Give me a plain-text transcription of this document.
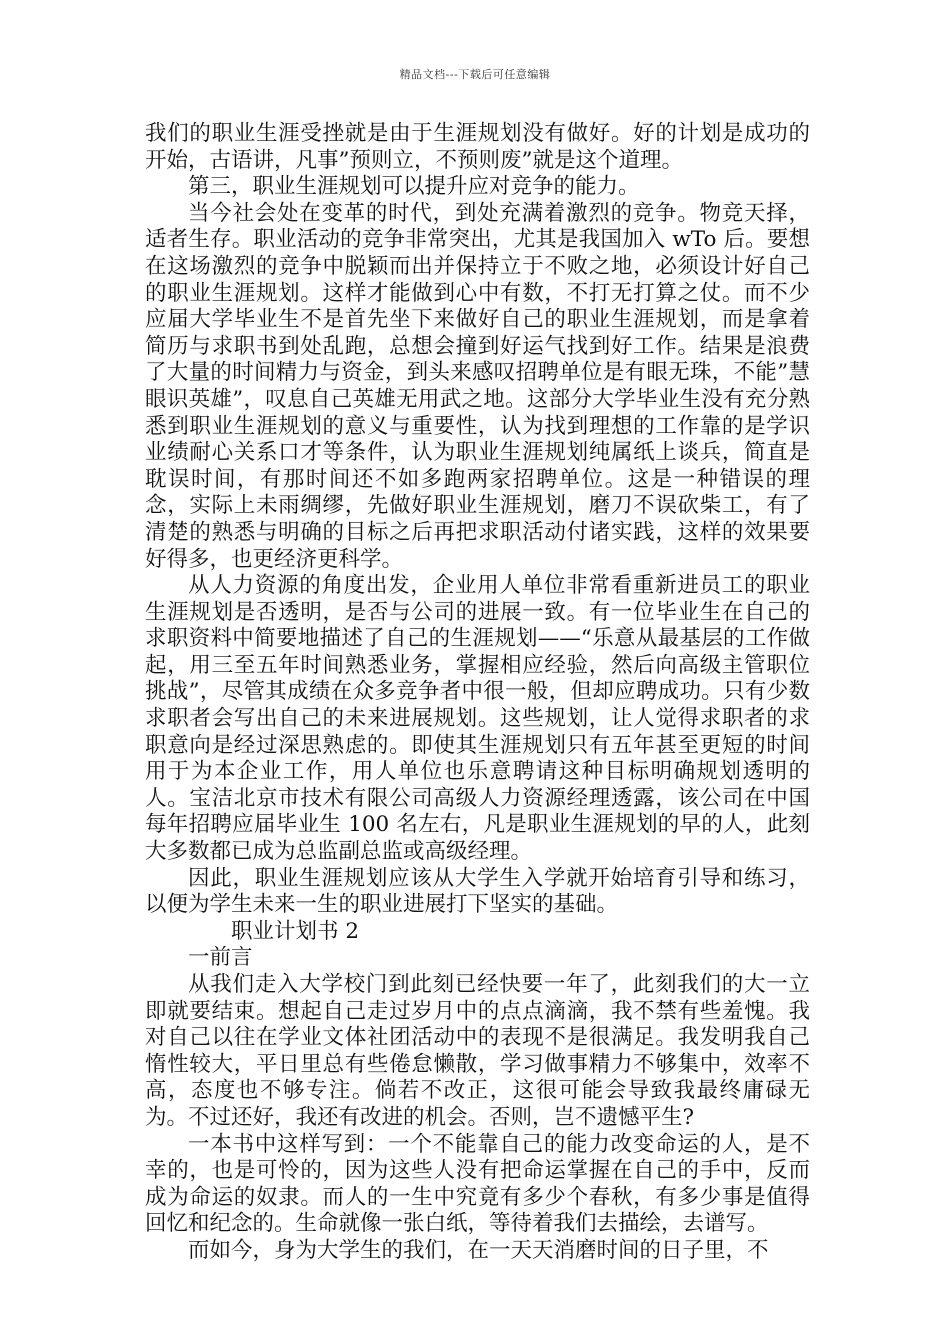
精品文档---下载后可任意编辑

我们的职业生涯受挫就是由于生涯规划没有做好。好的计划是成功的开始，古语讲，凡事”预则立，不预则废”就是这个道理。

第三，职业生涯规划可以提升应对竞争的能力。

当今社会处在变革的时代，到处充满着激烈的竞争。物竞天择，适者生存。职业活动的竞争非常突出，尤其是我国加入 wTo 后。要想在这场激烈的竞争中脱颖而出并保持立于不败之地，必须设计好自己的职业生涯规划。这样才能做到心中有数，不打无打算之仗。而不少应届大学毕业生不是首先坐下来做好自己的职业生涯规划，而是拿着简历与求职书到处乱跑，总想会撞到好运气找到好工作。结果是浪费了大量的时间精力与资金，到头来感叹招聘单位是有眼无珠，不能”慧眼识英雄”，叹息自己英雄无用武之地。这部分大学毕业生没有充分熟悉到职业生涯规划的意义与重要性，认为找到理想的工作靠的是学识业绩耐心关系口才等条件，认为职业生涯规划纯属纸上谈兵，简直是耽误时间，有那时间还不如多跑两家招聘单位。这是一种错误的理念，实际上未雨绸缪，先做好职业生涯规划，磨刀不误砍柴工，有了清楚的熟悉与明确的目标之后再把求职活动付诸实践，这样的效果要好得多，也更经济更科学。

从人力资源的角度出发，企业用人单位非常看重新进员工的职业生涯规划是否透明，是否与公司的进展一致。有一位毕业生在自己的求职资料中简要地描述了自己的生涯规划——“乐意从最基层的工作做起，用三至五年时间熟悉业务，掌握相应经验，然后向高级主管职位挑战”，尽管其成绩在众多竞争者中很一般，但却应聘成功。只有少数求职者会写出自己的未来进展规划。这些规划，让人觉得求职者的求职意向是经过深思熟虑的。即使其生涯规划只有五年甚至更短的时间用于为本企业工作，用人单位也乐意聘请这种目标明确规划透明的人。宝洁北京市技术有限公司高级人力资源经理透露，该公司在中国每年招聘应届毕业生 100 名左右，凡是职业生涯规划的早的人，此刻大多数都已成为总监副总监或高级经理。

因此，职业生涯规划应该从大学生入学就开始培育引导和练习，以便为学生未来一生的职业进展打下坚实的基础。

职业计划书 2

一前言

从我们走入大学校门到此刻已经快要一年了，此刻我们的大一立即就要结束。想起自己走过岁月中的点点滴滴，我不禁有些羞愧。我对自己以往在学业文体社团活动中的表现不是很满足。我发明我自己惰性较大，平日里总有些倦怠懒散，学习做事精力不够集中，效率不高，态度也不够专注。倘若不改正，这很可能会导致我最终庸碌无为。不过还好，我还有改进的机会。否则，岂不遗憾平生?

一本书中这样写到：一个不能靠自己的能力改变命运的人，是不幸的，也是可怜的，因为这些人没有把命运掌握在自己的手中，反而成为命运的奴隶。而人的一生中究竟有多少个春秋，有多少事是值得回忆和纪念的。生命就像一张白纸，等待着我们去描绘，去谱写。

而如今，身为大学生的我们，在一天天消磨时间的日子里，不
